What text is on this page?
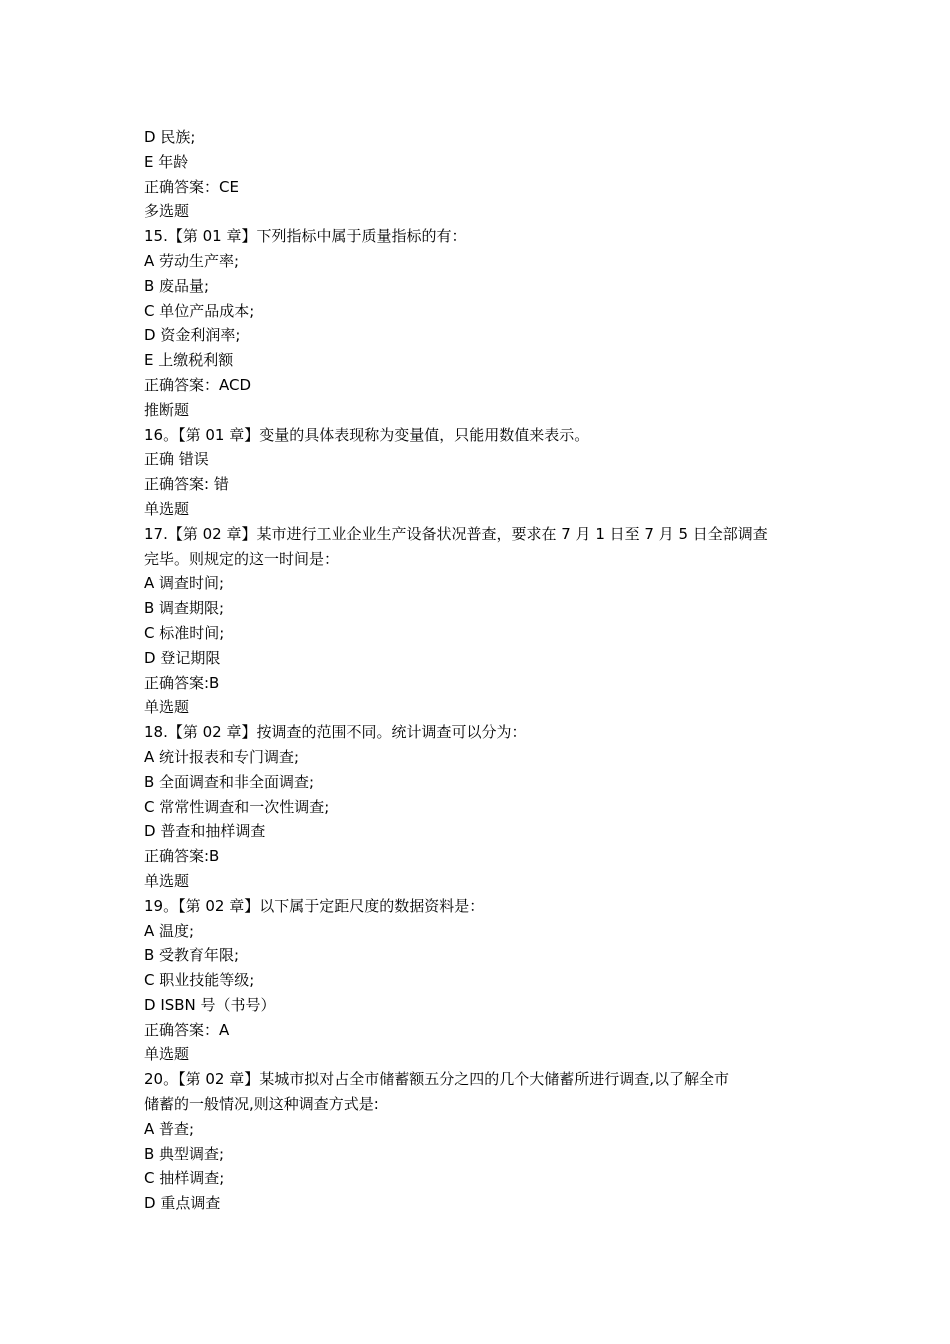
D 民族;
E 年龄
正确答案：CE
多选题
15.【第 01 章】下列指标中属于质量指标的有：
A 劳动生产率;
B 废品量;
C 单位产品成本;
D 资金利润率;
E 上缴税利额
正确答案：ACD
推断题
16。【第 01 章】变量的具体表现称为变量值，只能用数值来表示。
正确 错误
正确答案: 错
单选题
17.【第 02 章】某市进行工业企业生产设备状况普查，要求在 7 月 1 日至 7 月 5 日全部调查
完毕。则规定的这一时间是：
A 调查时间;
B 调查期限;
C 标准时间;
D 登记期限
正确答案:B
单选题
18.【第 02 章】按调查的范围不同。统计调查可以分为：
A 统计报表和专门调查;
B 全面调查和非全面调查;
C 常常性调查和一次性调查;
D 普查和抽样调查
正确答案:B
单选题
19。【第 02 章】以下属于定距尺度的数据资料是：
A 温度;
B 受教育年限;
C 职业技能等级;
D ISBN 号（书号）
正确答案：A
单选题
20。【第 02 章】某城市拟对占全市储蓄额五分之四的几个大储蓄所进行调查,以了解全市
储蓄的一般情况,则这种调查方式是:
A 普查;
B 典型调查;
C 抽样调查;
D 重点调查
